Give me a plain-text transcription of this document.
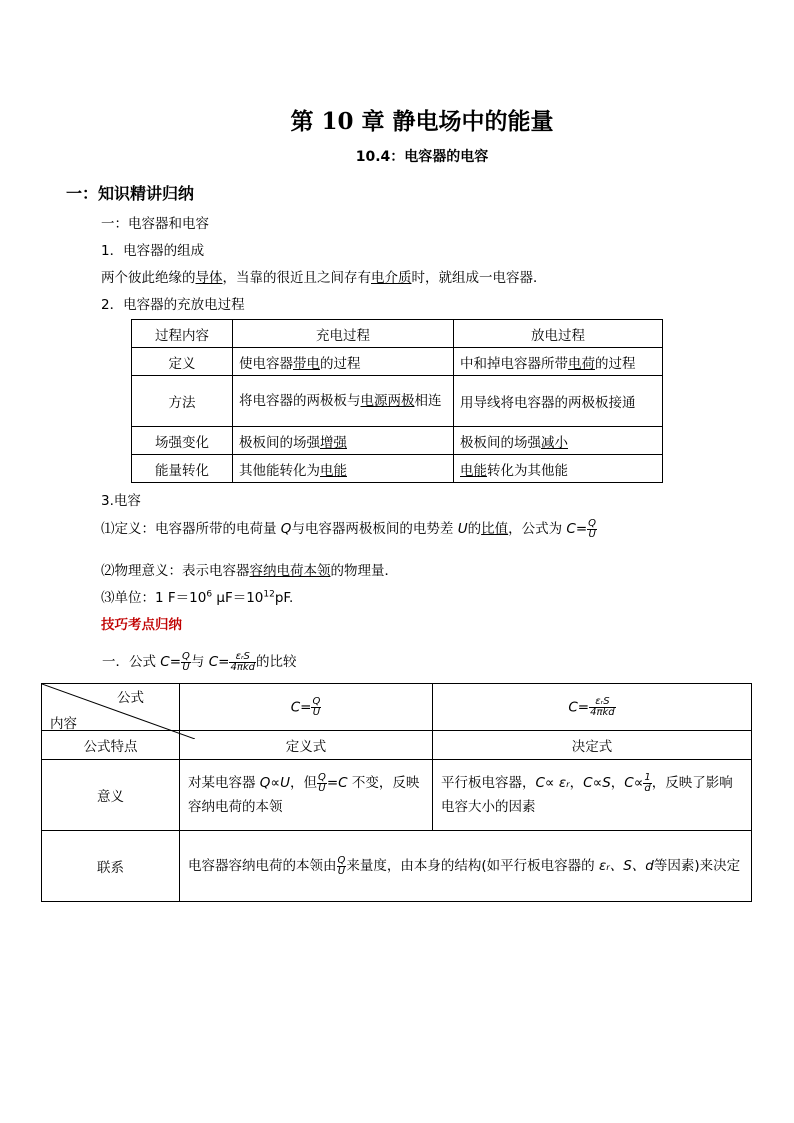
第 10 章 静电场中的能量
10.4：电容器的电容
一：知识精讲归纳
一：电容器和电容
1．电容器的组成
两个彼此绝缘的导体，当靠的很近且之间存有电介质时，就组成一电容器．
2．电容器的充放电过程
过程内容	充电过程	放电过程
定义	使电容器带电的过程	中和掉电容器所带电荷的过程
方法	将电容器的两极板与电源两极相连	用导线将电容器的两极板接通
场强变化	极板间的场强增强	极板间的场强减小
能量转化	其他能转化为电能	电能转化为其他能
3.电容
⑴定义：电容器所带的电荷量 Q与电容器两极板间的电势差 U的比值，公式为 $C= \frac{Q}{U}$
⑵物理意义：表示电容器容纳电荷本领的物理量．
⑶单位：1 $F=10^6$ $\mu F=10^{12}pF$.
技巧考点归纳
一．公式 $C= \frac{Q}{U}$ 与 $C= \frac{\text{εᵣS}}{\text{4πkd}}$ 的比较
公式
内容	$C= \frac{Q}{U}$	$C= \frac{\text{εᵣS}}{\text{4πkd}}$

公式特点	定义式	决定式
意义	对某电容器 Q∝U，但 $\frac{Q}{U} =C$ 不变，反映容纳电荷的本领	平行板电容器，C∝ εᵣ，C∝S，$C\propto \frac{1}{d}$ ，反映了影响电容大小的因素
联系	电容器容纳电荷的本领由 $\frac{Q}{U}$ 来量度，由本身的结构(如平行板电容器的 εᵣ、S、d等因素)来决定	
